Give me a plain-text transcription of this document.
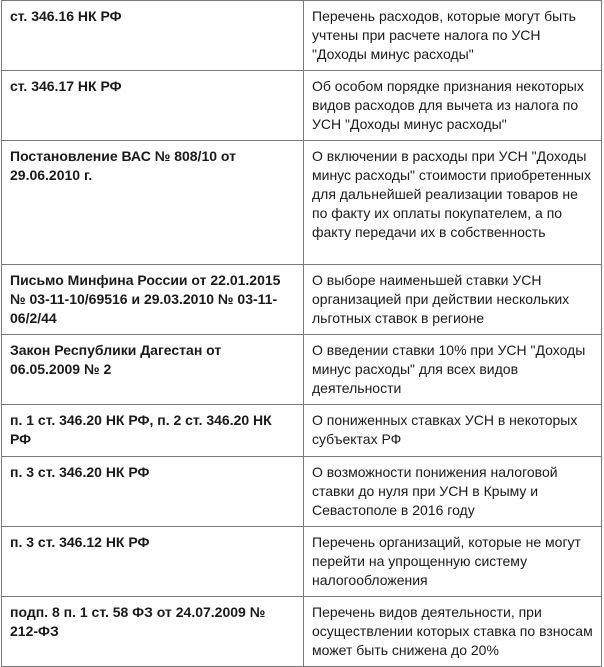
ст. 346.16 НК РФ	Перечень расходов, которые могут быть учтены при расчете налога по УСН "Доходы минус расходы"
ст. 346.17 НК РФ	Об особом порядке признания некоторых видов расходов для вычета из налога по УСН "Доходы минус расходы"
Постановление ВАС № 808/10 от 29.06.2010 г.	О включении в расходы при УСН "Доходы минус расходы" стоимости приобретенных для дальнейшей реализации товаров не по факту их оплаты покупателем, а по факту передачи их в собственность
Письмо Минфина России от 22.01.2015 № 03-11-10/69516 и 29.03.2010 № 03-11-06/2/44	О выборе наименьшей ставки УСН организацией при действии нескольких льготных ставок в регионе
Закон Республики Дагестан от 06.05.2009 № 2	О введении ставки 10% при УСН "Доходы минус расходы" для всех видов деятельности
п. 1 ст. 346.20 НК РФ, п. 2 ст. 346.20 НК РФ	О пониженных ставках УСН в некоторых субъектах РФ
п. 3 ст. 346.20 НК РФ	О возможности понижения налоговой ставки до нуля при УСН в Крыму и Севастополе в 2016 году
п. 3 ст. 346.12 НК РФ	Перечень организаций, которые не могут перейти на упрощенную систему налогообложения
подп. 8 п. 1 ст. 58 ФЗ от 24.07.2009 № 212-ФЗ	Перечень видов деятельности, при осуществлении которых ставка по взносам может быть снижена до 20%
